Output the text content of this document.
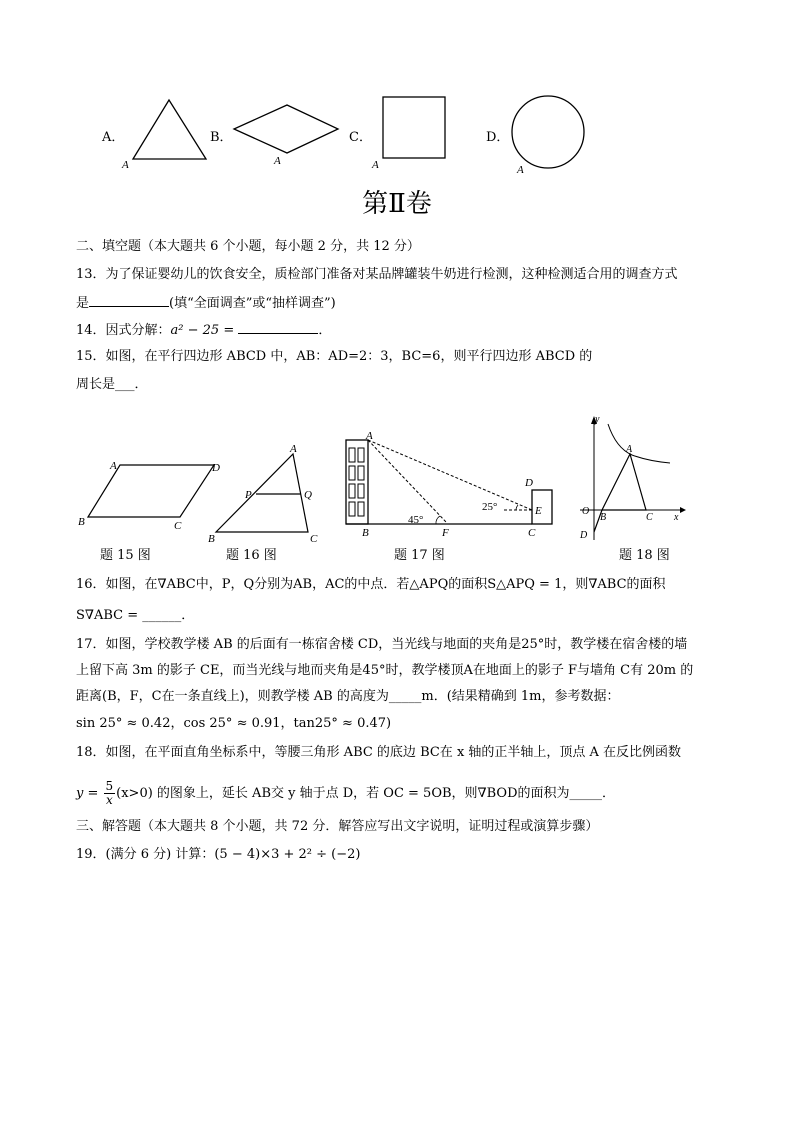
A．
A
B．
A
C．
A
D．
A
第Ⅱ卷
二、填空题（本大题共 6 个小题，每小题 2 分，共 12 分）
13．为了保证婴幼儿的饮食安全，质检部门准备对某品牌罐装牛奶进行检测，这种检测适合用的调查方式
是	(填“全面调查”或“抽样调查”)
14．因式分解：a² − 25 =	．
15．如图，在平行四边形 ABCD 中，AB：AD=2：3，BC=6，则平行四边形 ABCD 的
周长是___．
A	D
B	C
题 15 图
A
P	Q
B	C
题 16 图
A
B	F
D
E
C
45°
25°
题 17 图
y
A
O
B	C x
D
题 18 图
16．如图，在∇ABC中，P，Q分别为AB，AC的中点．若△APQ的面积S△APQ = 1，则∇ABC的面积
S∇ABC = ______．
17．如图，学校教学楼 AB 的后面有一栋宿舍楼 CD，当光线与地面的夹角是25°时，教学楼在宿舍楼的墙
上留下高 3m 的影子 CE，而当光线与地而夹角是45°时，教学楼顶A在地面上的影子 F与墙角 C有 20m 的
距离(B，F，C在一条直线上)，则教学楼 AB 的高度为_____m．(结果精确到 1m，参考数据：
sin 25° ≈ 0.42，cos 25° ≈ 0.91，tan25° ≈ 0.47)
18．如图，在平面直角坐标系中，等腰三角形 ABC 的底边 BC在 x 轴的正半轴上，顶点 A 在反比例函数
$y = \frac{5}{x} (x>0)$ 的图象上，延长 AB交 y 轴于点 D，若 OC = 5OB，则∇BOD的面积为_____．
三、解答题（本大题共 8 个小题，共 72 分．解答应写出文字说明，证明过程或演算步骤）
19．(满分 6 分) 计算：(5 − 4)×3 + 2² ÷ (−2)
